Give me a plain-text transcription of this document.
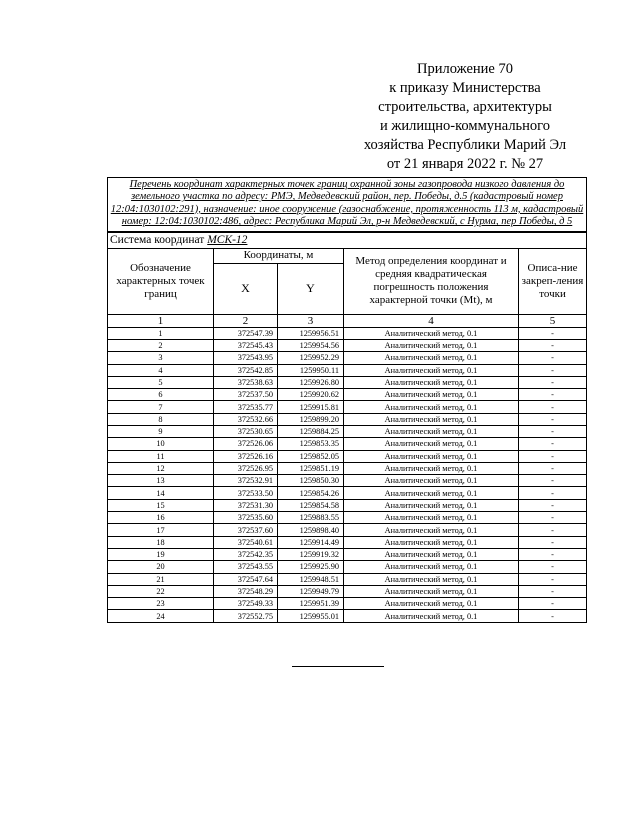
Приложение 70
к приказу Министерства
строительства, архитектуры
и жилищно-коммунального
хозяйства Республики Марий Эл
от 21 января 2022 г. № 27
Перечень координат характерных точек границ охранной зоны газопровода низкого давления до земельного участка по адресу: РМЭ, Медведевский район, пер. Победы, д.5 (кадастровый номер 12:04:1030102:291), назначение: иное сооружение (газоснабжение, протяженность 113 м, кадастровый номер: 12:04:1030102:486, адрес: Республика Марий Эл, р-н Медведевский, с Нурма, пер Победы, д 5				
Система координат МСК-12				
Обозначение характерных точек границ	Координаты, м		Метод определения координат и средняя квадратическая погрешность положения характерной точки (Mt), м	Описа-ние закреп-ления точки
	X	Y		
1	2	3	4	5
1	372547.39	1259956.51	Аналитический метод, 0.1	-
2	372545.43	1259954.56	Аналитический метод, 0.1	-
3	372543.95	1259952.29	Аналитический метод, 0.1	-
4	372542.85	1259950.11	Аналитический метод, 0.1	-
5	372538.63	1259926.80	Аналитический метод, 0.1	-
6	372537.50	1259920.62	Аналитический метод, 0.1	-
7	372535.77	1259915.81	Аналитический метод, 0.1	-
8	372532.66	1259899.20	Аналитический метод, 0.1	-
9	372530.65	1259884.25	Аналитический метод, 0.1	-
10	372526.06	1259853.35	Аналитический метод, 0.1	-
11	372526.16	1259852.05	Аналитический метод, 0.1	-
12	372526.95	1259851.19	Аналитический метод, 0.1	-
13	372532.91	1259850.30	Аналитический метод, 0.1	-
14	372533.50	1259854.26	Аналитический метод, 0.1	-
15	372531.30	1259854.58	Аналитический метод, 0.1	-
16	372535.60	1259883.55	Аналитический метод, 0.1	-
17	372537.60	1259898.40	Аналитический метод, 0.1	-
18	372540.61	1259914.49	Аналитический метод, 0.1	-
19	372542.35	1259919.32	Аналитический метод, 0.1	-
20	372543.55	1259925.90	Аналитический метод, 0.1	-
21	372547.64	1259948.51	Аналитический метод, 0.1	-
22	372548.29	1259949.79	Аналитический метод, 0.1	-
23	372549.33	1259951.39	Аналитический метод, 0.1	-
24	372552.75	1259955.01	Аналитический метод, 0.1	-
